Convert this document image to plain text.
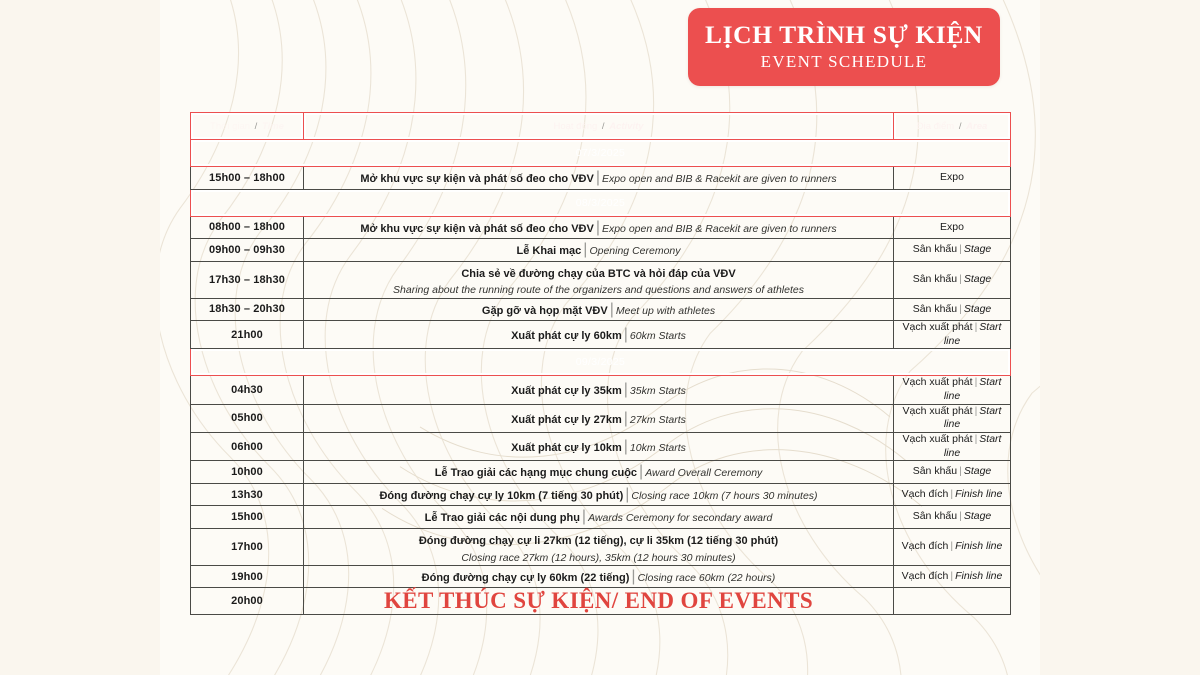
LỊCH TRÌNH SỰ KIỆN
EVENT SCHEDULE
Thời gian / Time	Hoạt động / Activity	Địa điểm / Area
07/3/2025		
15h00 – 18h00	Mở khu vực sự kiện và phát số đeo cho VĐV | Expo open and BIB & Racekit are given to runners	Expo
08/3/2025		
08h00 – 18h00	Mở khu vực sự kiện và phát số đeo cho VĐV | Expo open and BIB & Racekit are given to runners	Expo
09h00 – 09h30	Lễ Khai mạc | Opening Ceremony	Sân khấu | Stage
17h30 – 18h30	Chia sẻ về đường chạy của BTC và hỏi đáp của VĐV
Sharing about the running route of the organizers and questions and answers of athletes	Sân khấu | Stage
18h30 – 20h30	Gặp gỡ và họp mặt VĐV | Meet up with athletes	Sân khấu | Stage
21h00	Xuất phát cự ly 60km | 60km Starts	Vạch xuất phát | Start line
09/3/2025		
04h30	Xuất phát cự ly 35km | 35km Starts	Vạch xuất phát | Start line
05h00	Xuất phát cự ly 27km | 27km Starts	Vạch xuất phát | Start line
06h00	Xuất phát cự ly 10km | 10km Starts	Vạch xuất phát | Start line
10h00	Lễ Trao giải các hạng mục chung cuộc | Award Overall Ceremony	Sân khấu | Stage
13h30	Đóng đường chạy cự ly 10km (7 tiếng 30 phút) | Closing race 10km (7 hours 30 minutes)	Vạch đích | Finish line
15h00	Lễ Trao giải các nội dung phụ | Awards Ceremony for secondary award	Sân khấu | Stage
17h00	Đóng đường chạy cự li 27km (12 tiếng), cự li 35km (12 tiếng 30 phút)
Closing race 27km (12 hours), 35km (12 hours 30 minutes)	Vạch đích | Finish line
19h00	Đóng đường chạy cự ly 60km (22 tiếng) | Closing race 60km (22 hours)	Vạch đích | Finish line
20h00	KẾT THÚC SỰ KIỆN/ END OF EVENTS	
